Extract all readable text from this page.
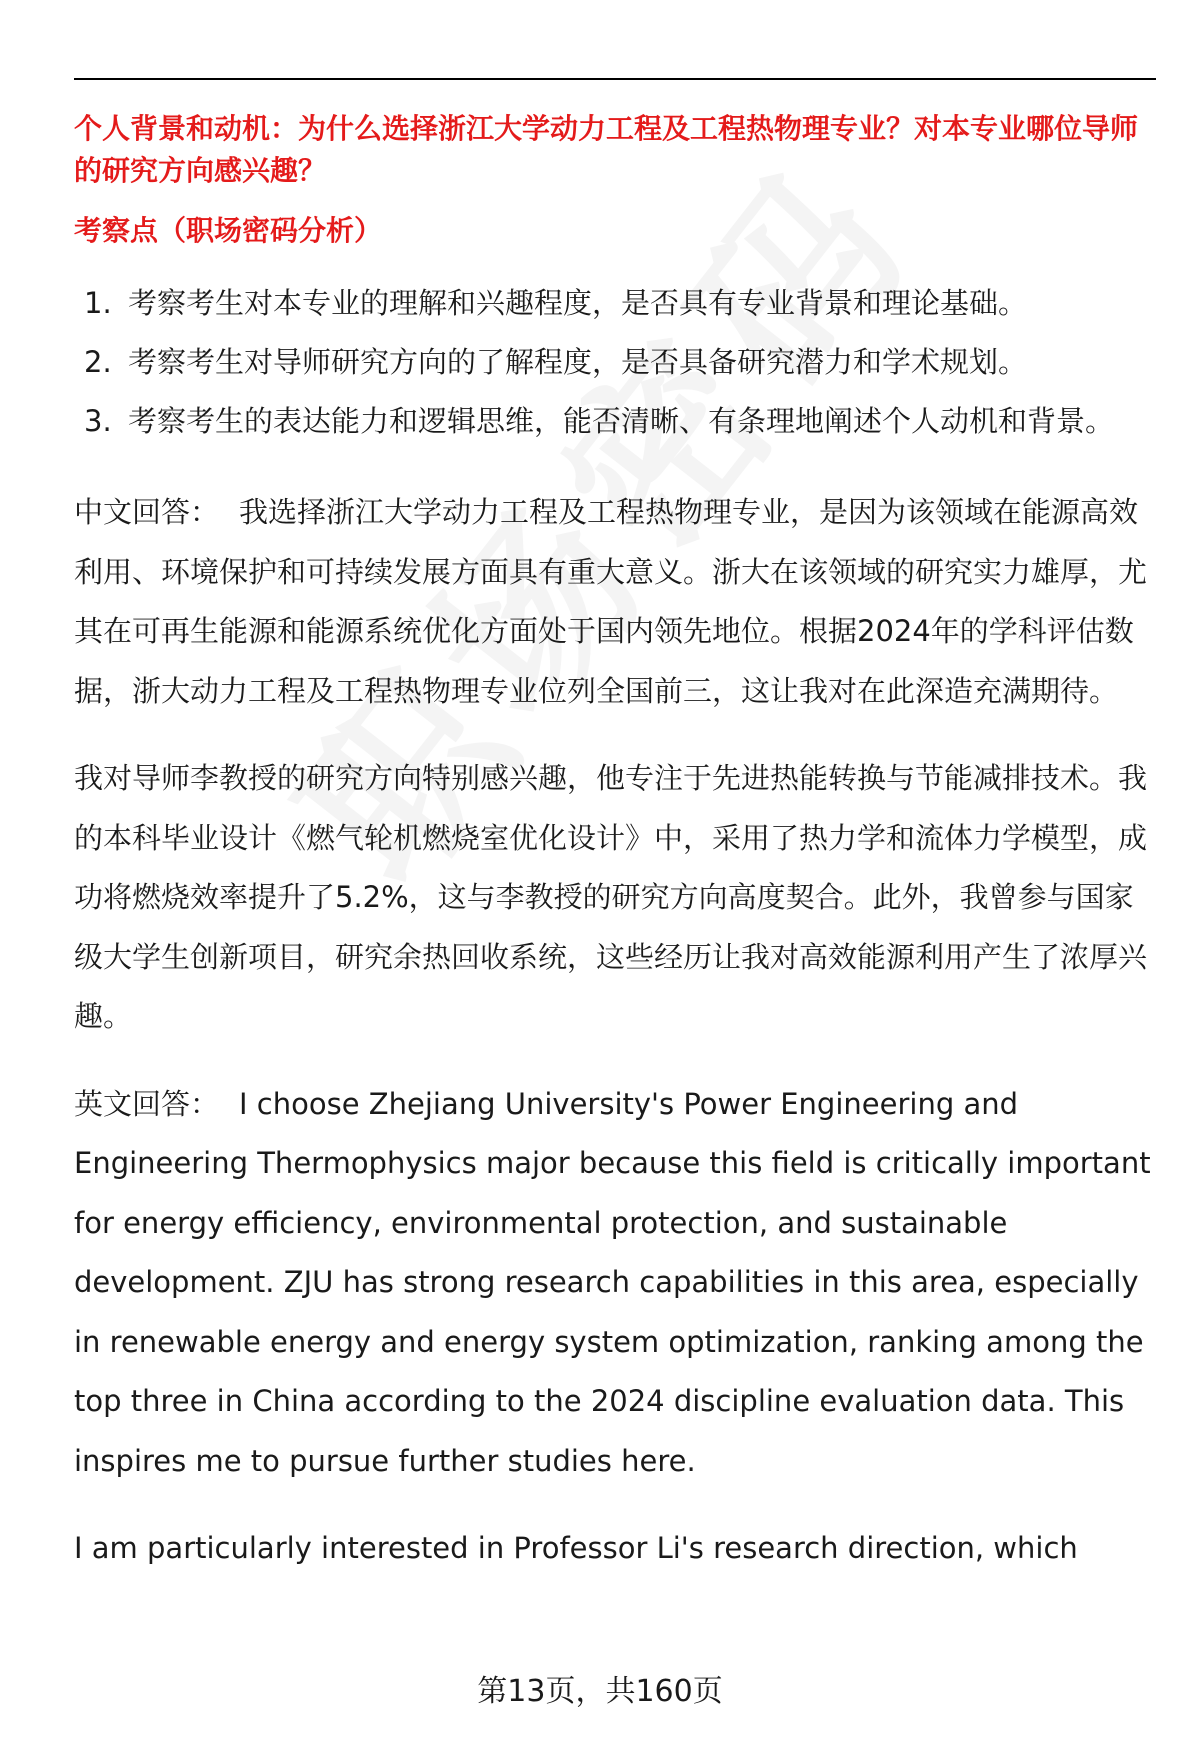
个人背景和动机：为什么选择浙江大学动力工程及工程热物理专业？对本专业哪位导师的研究方向感兴趣？

考察点（职场密码分析）

1. 考察考生对本专业的理解和兴趣程度，是否具有专业背景和理论基础。
2. 考察考生对导师研究方向的了解程度，是否具备研究潜力和学术规划。
3. 考察考生的表达能力和逻辑思维，能否清晰、有条理地阐述个人动机和背景。

中文回答： 我选择浙江大学动力工程及工程热物理专业，是因为该领域在能源高效利用、环境保护和可持续发展方面具有重大意义。浙大在该领域的研究实力雄厚，尤其在可再生能源和能源系统优化方面处于国内领先地位。根据2024年的学科评估数据，浙大动力工程及工程热物理专业位列全国前三，这让我对在此深造充满期待。

我对导师李教授的研究方向特别感兴趣，他专注于先进热能转换与节能减排技术。我的本科毕业设计《燃气轮机燃烧室优化设计》中，采用了热力学和流体力学模型，成功将燃烧效率提升了5.2%，这与李教授的研究方向高度契合。此外，我曾参与国家级大学生创新项目，研究余热回收系统，这些经历让我对高效能源利用产生了浓厚兴趣。

英文回答： I choose Zhejiang University's Power Engineering and Engineering Thermophysics major because this field is critically important for energy efficiency, environmental protection, and sustainable development. ZJU has strong research capabilities in this area, especially in renewable energy and energy system optimization, ranking among the top three in China according to the 2024 discipline evaluation data. This inspires me to pursue further studies here.

I am particularly interested in Professor Li's research direction, which

第13页，共160页
